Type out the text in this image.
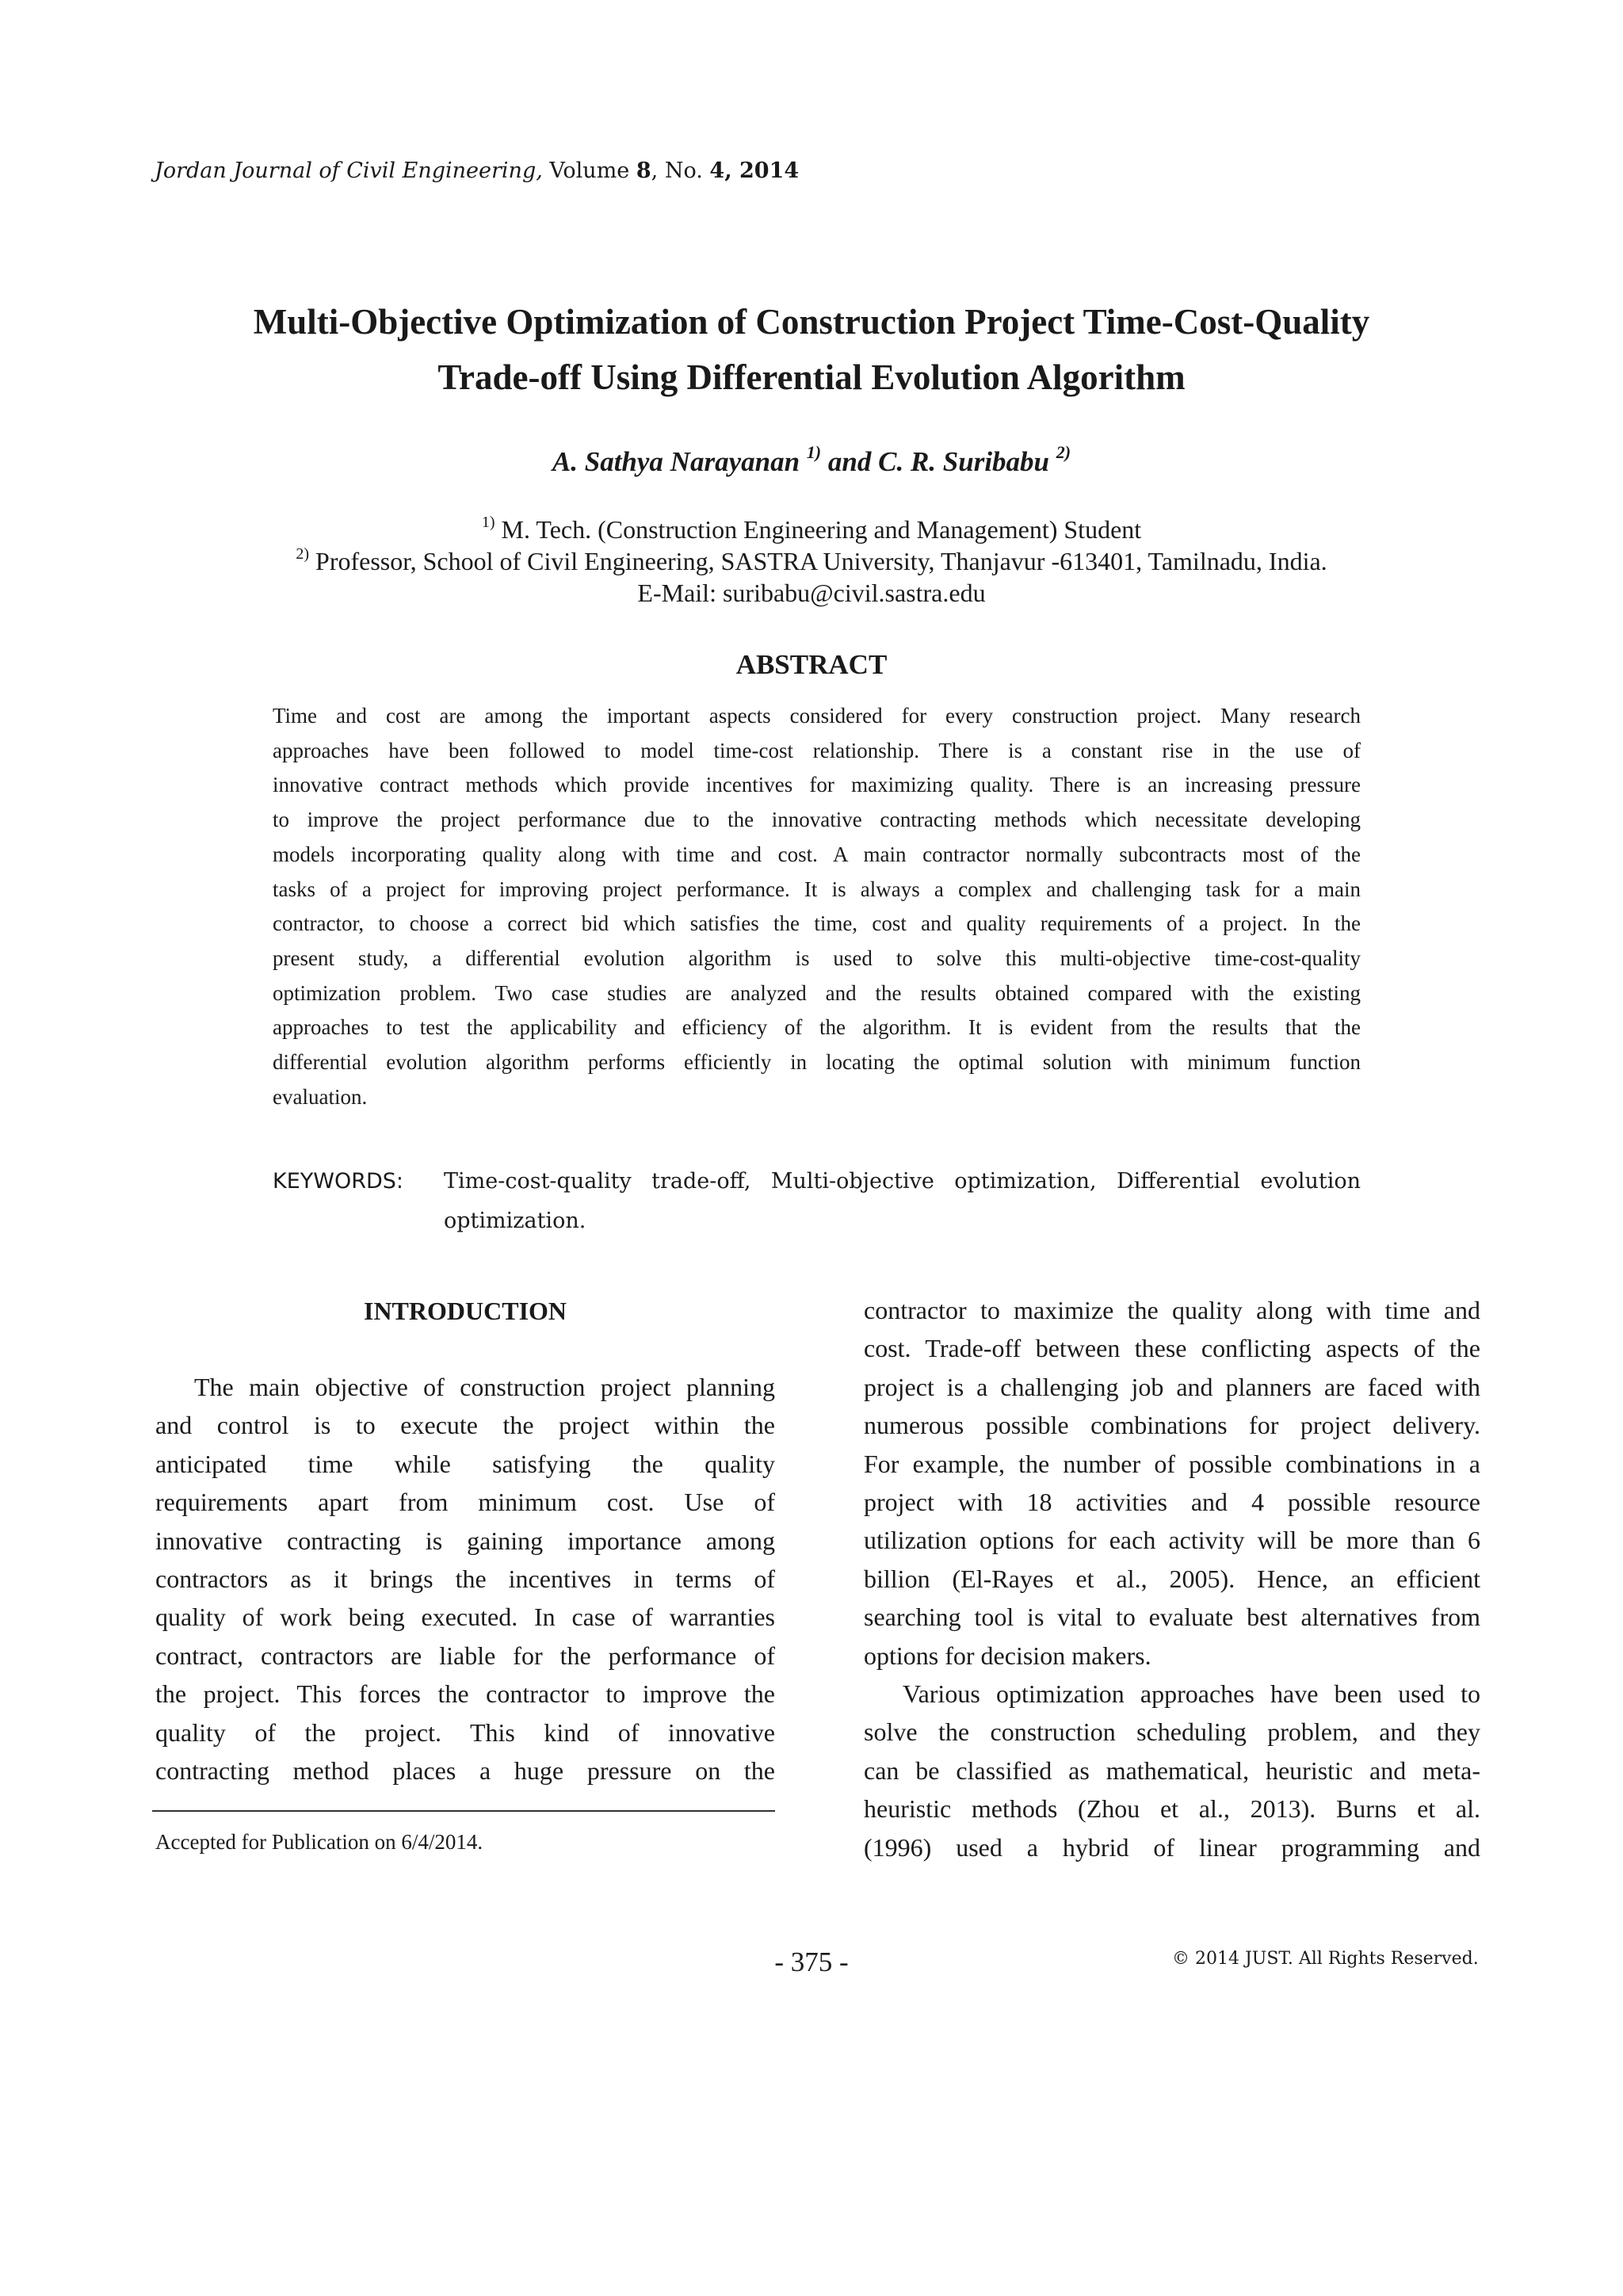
Jordan Journal of Civil Engineering, Volume 8, No. 4, 2014
Multi-Objective Optimization of Construction Project Time-Cost-Quality
Trade-off Using Differential Evolution Algorithm
A. Sathya Narayanan $^{1)}$ and C. R. Suribabu $^{2)}$
$^{1)}$ M. Tech. (Construction Engineering and Management) Student
$^{2)}$ Professor, School of Civil Engineering, SASTRA University, Thanjavur -613401, Tamilnadu, India.
E-Mail: suribabu@civil.sastra.edu
ABSTRACT
Time and cost are among the important aspects considered for every construction project. Many research
approaches have been followed to model time-cost relationship. There is a constant rise in the use of
innovative contract methods which provide incentives for maximizing quality. There is an increasing pressure
to improve the project performance due to the innovative contracting methods which necessitate developing
models incorporating quality along with time and cost. A main contractor normally subcontracts most of the
tasks of a project for improving project performance. It is always a complex and challenging task for a main
contractor, to choose a correct bid which satisfies the time, cost and quality requirements of a project. In the
present study, a differential evolution algorithm is used to solve this multi-objective time-cost-quality
optimization problem. Two case studies are analyzed and the results obtained compared with the existing
approaches to test the applicability and efficiency of the algorithm. It is evident from the results that the
differential evolution algorithm performs efficiently in locating the optimal solution with minimum function
evaluation.
KEYWORDS: Time-cost-quality trade-off, Multi-objective optimization, Differential evolution
optimization.
INTRODUCTION
The main objective of construction project planning
and control is to execute the project within the
anticipated time while satisfying the quality
requirements apart from minimum cost. Use of
innovative contracting is gaining importance among
contractors as it brings the incentives in terms of
quality of work being executed. In case of warranties
contract, contractors are liable for the performance of
the project. This forces the contractor to improve the
quality of the project. This kind of innovative
contracting method places a huge pressure on the
contractor to maximize the quality along with time and
cost. Trade-off between these conflicting aspects of the
project is a challenging job and planners are faced with
numerous possible combinations for project delivery.
For example, the number of possible combinations in a
project with 18 activities and 4 possible resource
utilization options for each activity will be more than 6
billion (El-Rayes et al., 2005). Hence, an efficient
searching tool is vital to evaluate best alternatives from
options for decision makers.
Various optimization approaches have been used to
solve the construction scheduling problem, and they
can be classified as mathematical, heuristic and meta-
heuristic methods (Zhou et al., 2013). Burns et al.
(1996) used a hybrid of linear programming and
Accepted for Publication on 6/4/2014.
- 375 -	© 2014 JUST. All Rights Reserved.
